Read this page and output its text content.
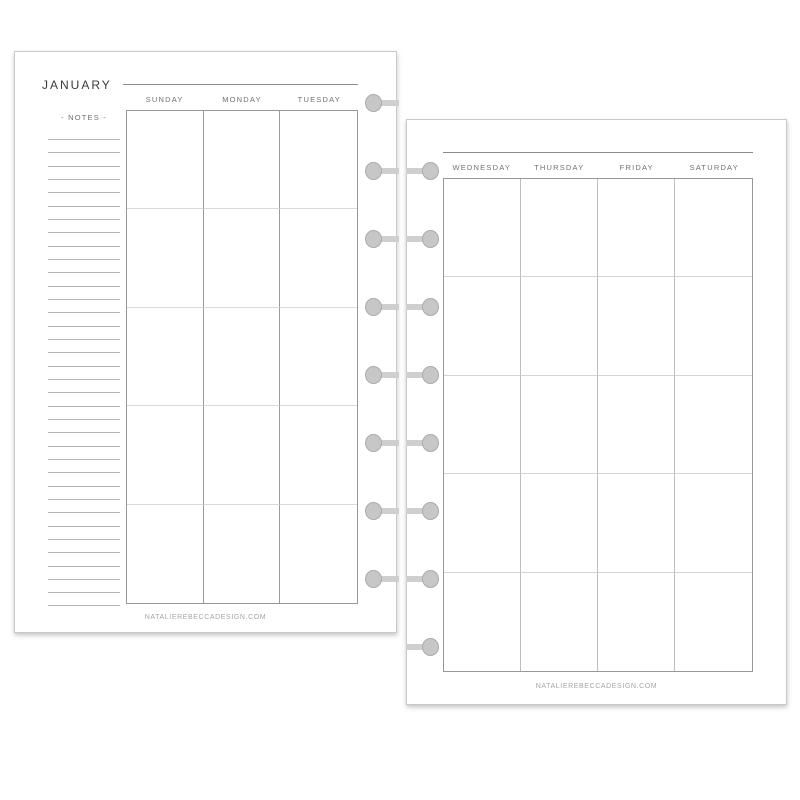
JANUARY
- NOTES -
SUNDAY	MONDAY	TUESDAY
NATALIEREBECCADESIGN.COM
WEDNESDAY	THURSDAY	FRIDAY	SATURDAY
NATALIEREBECCADESIGN.COM
